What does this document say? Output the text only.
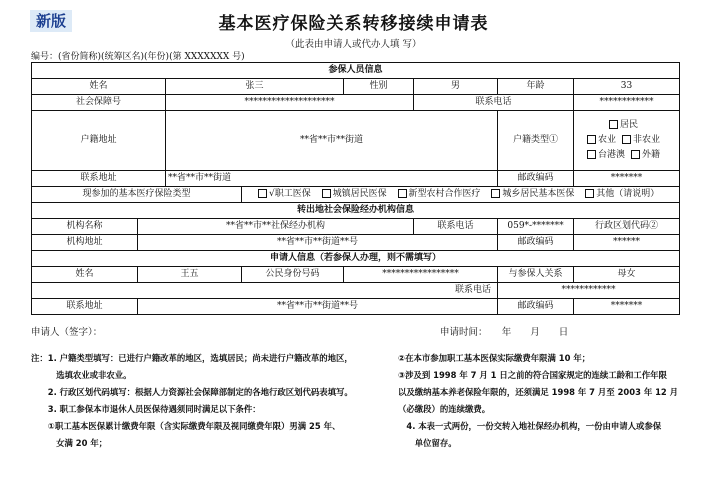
新版	基本医疗保险关系转移接续申请表
（此表由申请人或代办人填 写）
编号：(省份简称)(统筹区名)(年份)(第 XXXXXXX 号)
参保人员信息							
姓名		张三		性别	男	年龄	33
社会保障号		********************			联系电话		************
户籍地址		**省**市**街道				户籍类型①	居民
农业 非农业
台港澳 外籍

联系地址		**省**市**街道				邮政编码	*******
现参加的基本医疗保险类型			√职工医保 城镇居民医保 新型农村合作医疗 城乡居民基本医保 其他（请说明）				
转出地社会保险经办机构信息							
机构名称	**省**市**社保经办机构				联系电话	059*-*******	行政区划代码②
机构地址	**省**市**街道**号					邮政编码	******
申请人信息（若参保人办理，则不需填写）							
姓名	王五		公民身份号码	*****************		与参保人关系	母女
联系电话						************	
联系地址	**省**市**街道**号					邮政编码	*******
申请人（签字）：	申请时间：　　年　　月　　日
注：1. 户籍类型填写：已进行户籍改革的地区，选填居民；尚未进行户籍改革的地区，
　　　选填农业或非农业。
　　2. 行政区划代码填写：根据人力资源社会保障部制定的各地行政区划代码表填写。
　　3. 职工参保本市退休人员医保待遇须同时满足以下条件：
　　①职工基本医保累计缴费年限（含实际缴费年限及视同缴费年限）男满 25 年、
　　　女满 20 年；
②在本市参加职工基本医保实际缴费年限满 10 年；
③涉及到 1998 年 7 月 1 日之前的符合国家规定的连续工龄和工作年限
以及缴纳基本养老保险年限的，还须满足 1998 年 7 月至 2003 年 12 月
（必缴段）的连续缴费。
　4. 本表一式两份，一份交转入地社保经办机构，一份由申请人或参保
　　单位留存。
